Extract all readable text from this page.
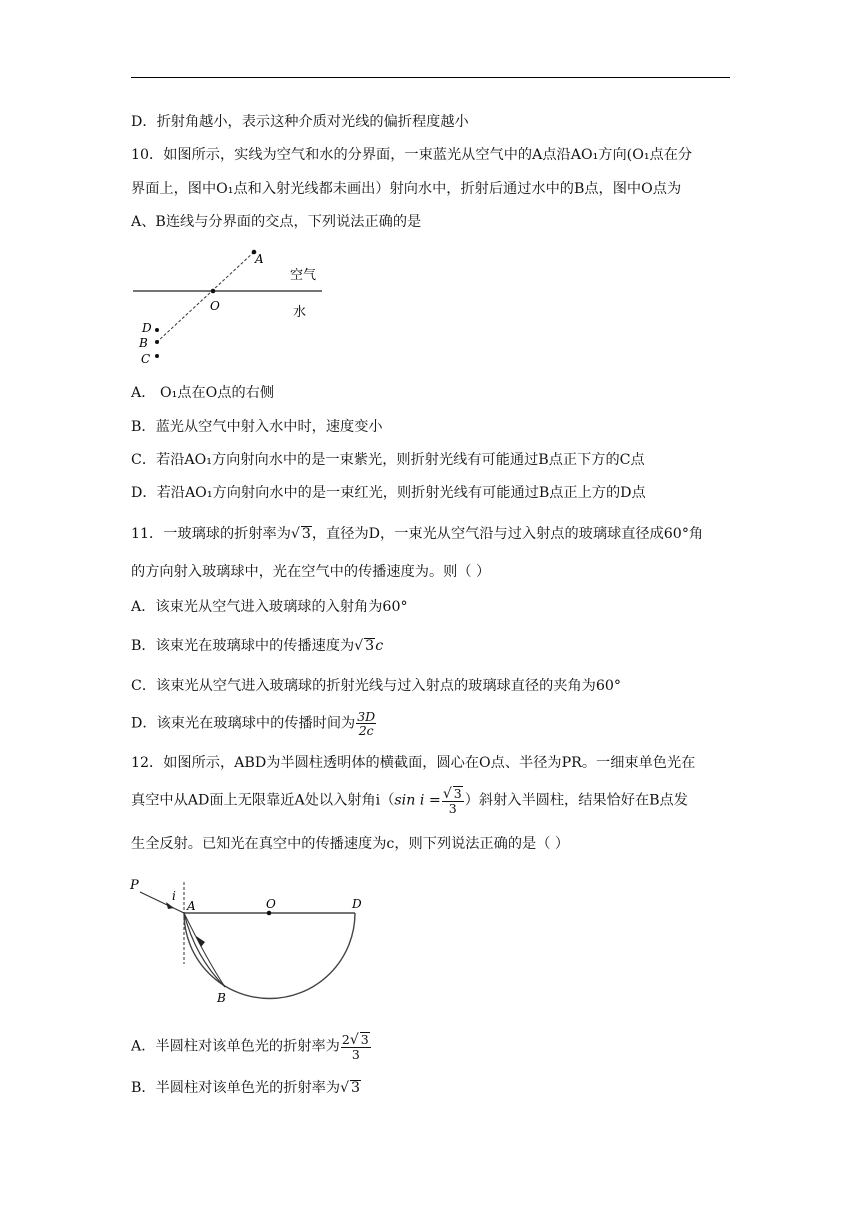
D．折射角越小，表示这种介质对光线的偏折程度越小
10．如图所示，实线为空气和水的分界面，一束蓝光从空气中的A点沿AO₁方向(O₁点在分
界面上，图中O₁点和入射光线都未画出）射向水中，折射后通过水中的B点，图中O点为
A、B连线与分界面的交点，下列说法正确的是
A
O
D
B
C
空气
水
A． O₁点在O点的右侧
B．蓝光从空气中射入水中时，速度变小
C．若沿AO₁方向射向水中的是一束紫光，则折射光线有可能通过B点正下方的C点
D．若沿AO₁方向射向水中的是一束红光，则折射光线有可能通过B点正上方的D点
11．一玻璃球的折射率为√ 3，直径为D，一束光从空气沿与过入射点的玻璃球直径成60°角
的方向射入玻璃球中，光在空气中的传播速度为。则（ ）
A．该束光从空气进入玻璃球的入射角为60°
B．该束光在玻璃球中的传播速度为√ 3c
C．该束光从空气进入玻璃球的折射光线与过入射点的玻璃球直径的夹角为60°
D．该束光在玻璃球中的传播时间为 $\frac{3D}{2c}$
12．如图所示，ABD为半圆柱透明体的横截面，圆心在O点、半径为PR。一细束单色光在
真空中从AD面上无限靠近A处以入射角i（sin $i = \frac{√ 3}{3}$ ）斜射入半圆柱，结果恰好在B点发
生全反射。已知光在真空中的传播速度为c，则下列说法正确的是（ ）
P
i
A	O	D
B
A．半圆柱对该单色光的折射率为 $\frac{2√ 3}{3}$
B．半圆柱对该单色光的折射率为√ 3
